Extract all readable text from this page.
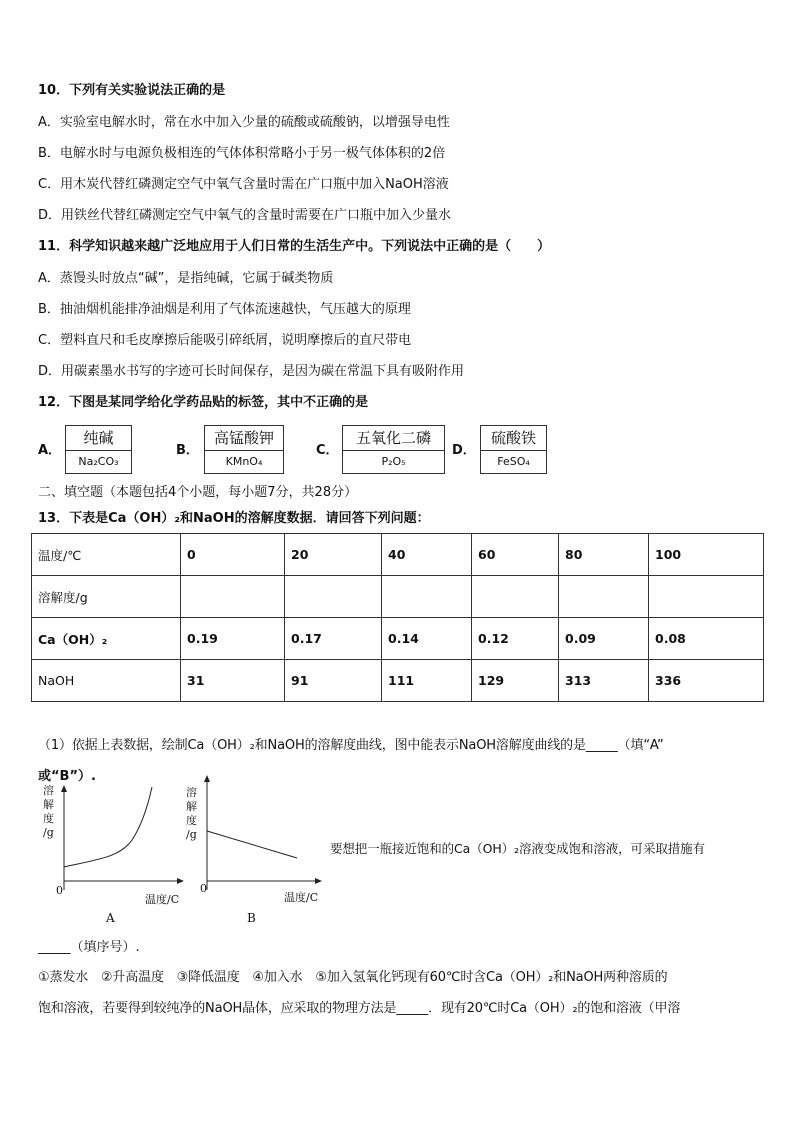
10．下列有关实验说法正确的是
A．实验室电解水时，常在水中加入少量的硫酸或硫酸钠，以增强导电性
B．电解水时与电源负极相连的气体体积常略小于另一极气体体积的2倍
C．用木炭代替红磷测定空气中氧气含量时需在广口瓶中加入NaOH溶液
D．用铁丝代替红磷测定空气中氧气的含量时需要在广口瓶中加入少量水
11．科学知识越来越广泛地应用于人们日常的生活生产中。下列说法中正确的是（　　）
A．蒸馒头时放点“碱”，是指纯碱，它属于碱类物质
B．抽油烟机能排净油烟是利用了气体流速越快，气压越大的原理
C．塑料直尺和毛皮摩擦后能吸引碎纸屑，说明摩擦后的直尺带电
D．用碳素墨水书写的字迹可长时间保存，是因为碳在常温下具有吸附作用
12．下图是某同学给化学药品贴的标签，其中不正确的是
A．
纯碱
Na₂CO₃
B．
高锰酸钾
KMnO₄
C．
五氧化二磷
P₂O₅
D．
硫酸铁
FeSO₄
二、填空题（本题包括4个小题，每小题7分，共28分）
13．下表是Ca（OH）₂和NaOH的溶解度数据．请回答下列问题：
温度/℃	0	20	40	60	80	100
溶解度/g						
Ca（OH）₂	0.19	0.17	0.14	0.12	0.09	0.08
NaOH	31	91	111	129	313	336
（1）依据上表数据，绘制Ca（OH）₂和NaOH的溶解度曲线，图中能表示NaOH溶解度曲线的是_____（填“A”
或“B”）.
溶
解
度
/g
0
温度/C
A
溶
解
度
/g
0
温度/C
B
要想把一瓶接近饱和的Ca（OH）₂溶液变成饱和溶液，可采取措施有
_____（填序号）.
①蒸发水　②升高温度　③降低温度　④加入水　⑤加入氢氧化钙现有60℃时含Ca（OH）₂和NaOH两种溶质的
饱和溶液，若要得到较纯净的NaOH晶体，应采取的物理方法是_____．现有20℃时Ca（OH）₂的饱和溶液（甲溶
